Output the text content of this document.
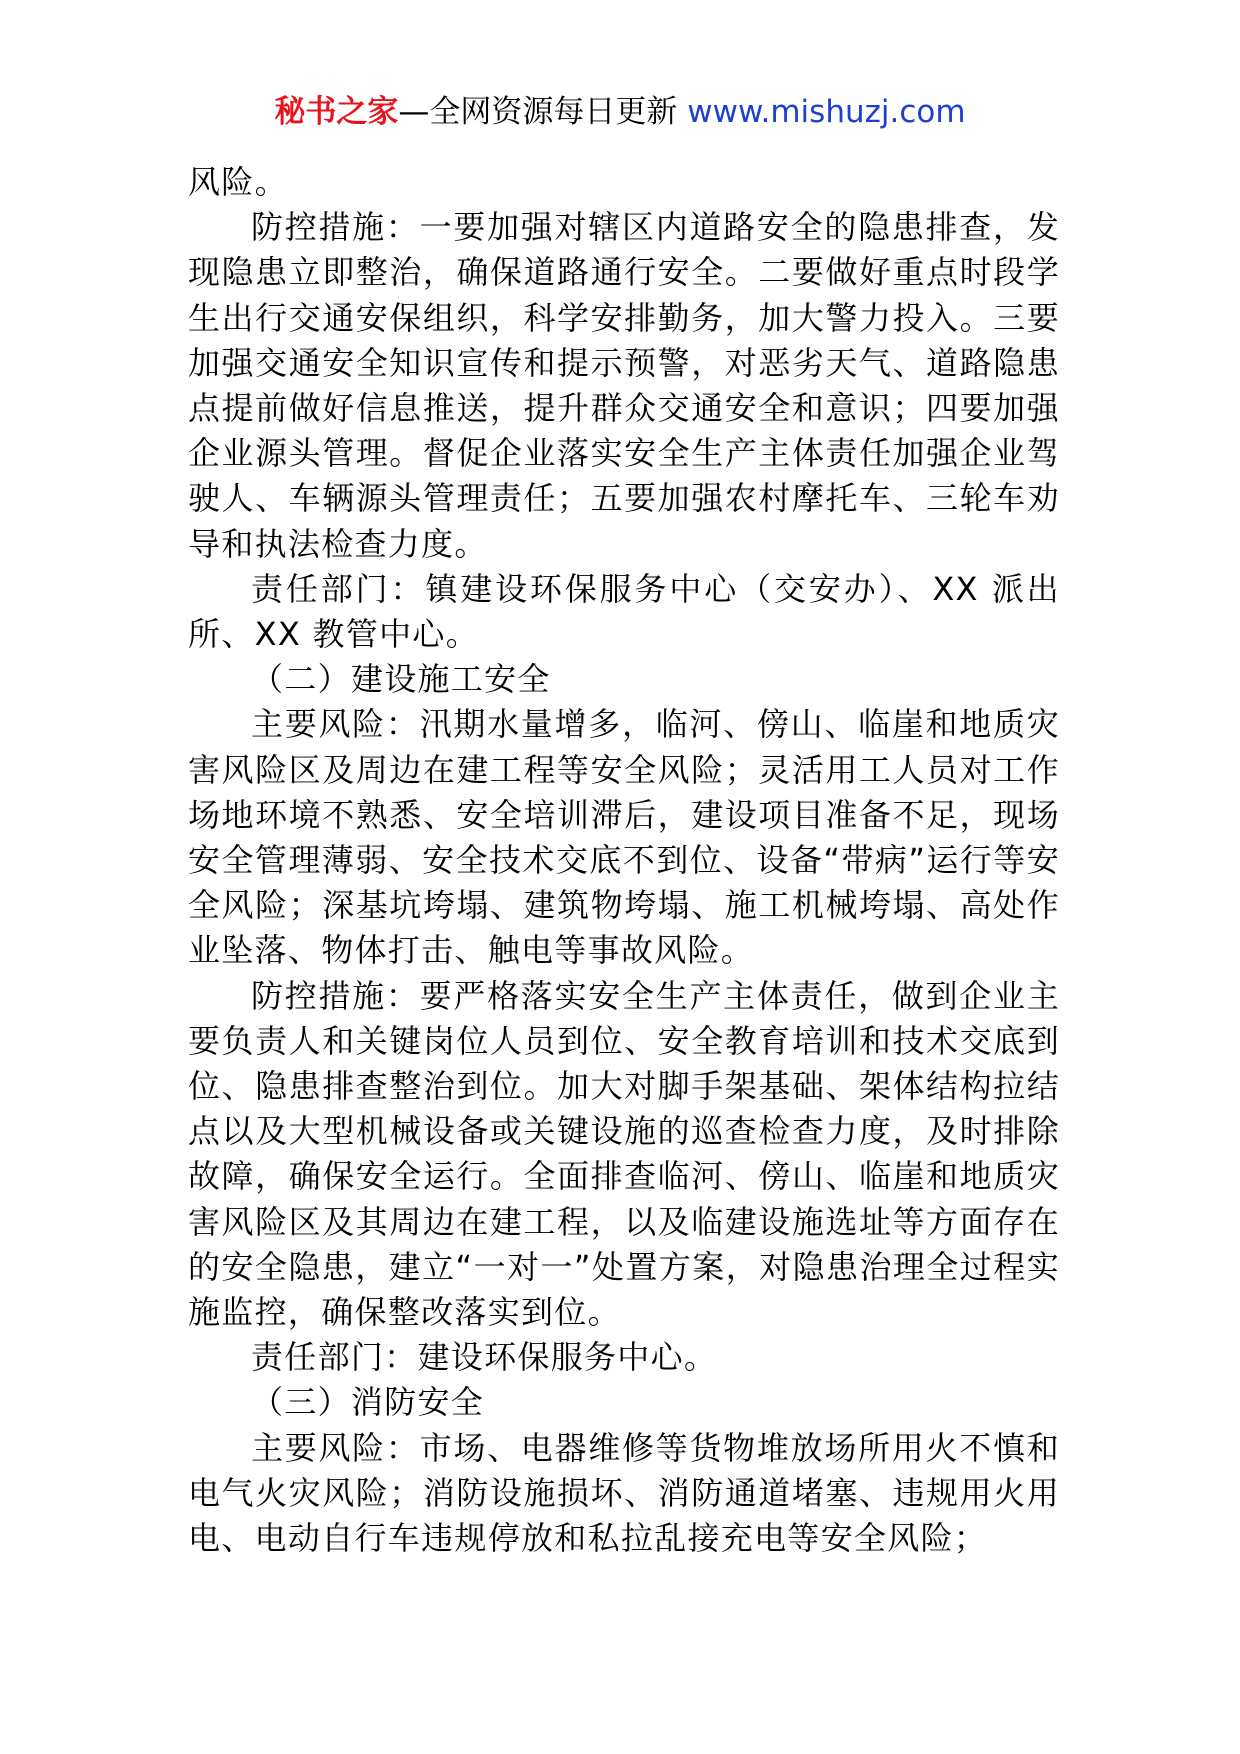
秘书之家—全网资源每日更新 www.mishuzj.com

风险。

防控措施：一要加强对辖区内道路安全的隐患排查，发现隐患立即整治，确保道路通行安全。二要做好重点时段学生出行交通安保组织，科学安排勤务，加大警力投入。三要加强交通安全知识宣传和提示预警，对恶劣天气、道路隐患点提前做好信息推送，提升群众交通安全和意识；四要加强企业源头管理。督促企业落实安全生产主体责任加强企业驾驶人、车辆源头管理责任；五要加强农村摩托车、三轮车劝导和执法检查力度。

责任部门：镇建设环保服务中心（交安办）、XX 派出所、XX 教管中心。

（二）建设施工安全

主要风险：汛期水量增多，临河、傍山、临崖和地质灾害风险区及周边在建工程等安全风险；灵活用工人员对工作场地环境不熟悉、安全培训滞后，建设项目准备不足，现场安全管理薄弱、安全技术交底不到位、设备“带病”运行等安全风险；深基坑垮塌、建筑物垮塌、施工机械垮塌、高处作业坠落、物体打击、触电等事故风险。

防控措施：要严格落实安全生产主体责任，做到企业主要负责人和关键岗位人员到位、安全教育培训和技术交底到位、隐患排查整治到位。加大对脚手架基础、架体结构拉结点以及大型机械设备或关键设施的巡查检查力度，及时排除故障，确保安全运行。全面排查临河、傍山、临崖和地质灾害风险区及其周边在建工程，以及临建设施选址等方面存在的安全隐患，建立“一对一”处置方案，对隐患治理全过程实施监控，确保整改落实到位。

责任部门：建设环保服务中心。

（三）消防安全

主要风险：市场、电器维修等货物堆放场所用火不慎和电气火灾风险；消防设施损坏、消防通道堵塞、违规用火用电、电动自行车违规停放和私拉乱接充电等安全风险；
